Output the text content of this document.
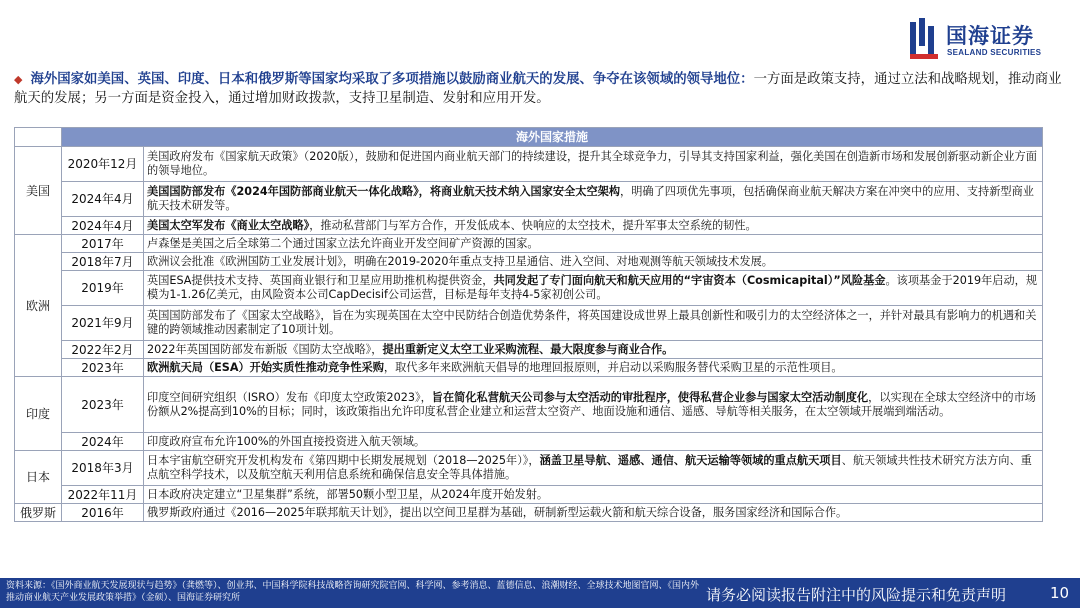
国海证券
SEALAND SECURITIES
◆ 海外国家如美国、英国、印度、日本和俄罗斯等国家均采取了多项措施以鼓励商业航天的发展、争夺在该领域的领导地位：一方面是政策支持，通过立法和战略规划，推动商业航天的发展；另一方面是资金投入，通过增加财政拨款，支持卫星制造、发射和应用开发。
	海外国家措施	
美国	2020年12月	美国政府发布《国家航天政策》（2020版），鼓励和促进国内商业航天部门的持续建设，提升其全球竞争力，引导其支持国家利益，强化美国在创造新市场和发展创新驱动新企业方面的领导地位。
	2024年4月	美国国防部发布《2024年国防部商业航天一体化战略》，将商业航天技术纳入国家安全太空架构，明确了四项优先事项，包括确保商业航天解决方案在冲突中的应用、支持新型商业航天技术研发等。
	2024年4月	美国太空军发布《商业太空战略》，推动私营部门与军方合作，开发低成本、快响应的太空技术，提升军事太空系统的韧性。
欧洲	2017年	卢森堡是美国之后全球第二个通过国家立法允许商业开发空间矿产资源的国家。
	2018年7月	欧洲议会批准《欧洲国防工业发展计划》，明确在2019-2020年重点支持卫星通信、进入空间、对地观测等航天领域技术发展。
	2019年	英国ESA提供技术支持、英国商业银行和卫星应用助推机构提供资金，共同发起了专门面向航天和航天应用的“宇宙资本（Cosmicapital）”风险基金。该项基金于2019年启动，规模为1-1.26亿美元，由风险资本公司CapDecisif公司运营，目标是每年支持4-5家初创公司。
	2021年9月	英国国防部发布了《国家太空战略》，旨在为实现英国在太空中民防结合创造优势条件，将英国建设成世界上最具创新性和吸引力的太空经济体之一，并针对最具有影响力的机遇和关键的跨领域推动因素制定了10项计划。
	2022年2月	2022年英国国防部发布新版《国防太空战略》，提出重新定义太空工业采购流程、最大限度参与商业合作。
	2023年	欧洲航天局（ESA）开始实质性推动竞争性采购，取代多年来欧洲航天倡导的地理回报原则，并启动以采购服务替代采购卫星的示范性项目。
印度	2023年	印度空间研究组织（ISRO）发布《印度太空政策2023》，旨在简化私营航天公司参与太空活动的审批程序，使得私营企业参与国家太空活动制度化，以实现在全球太空经济中的市场份额从2%提高到10%的目标；同时，该政策指出允许印度私营企业建立和运营太空资产、地面设施和通信、遥感、导航等相关服务，在太空领域开展端到端活动。
	2024年	印度政府宣布允许100%的外国直接投资进入航天领域。
日本	2018年3月	日本宇宙航空研究开发机构发布《第四期中长期发展规划（2018—2025年）》，涵盖卫星导航、遥感、通信、航天运输等领域的重点航天项目、航天领域共性技术研究方法方向、重点航空科学技术，以及航空航天利用信息系统和确保信息安全等具体措施。
	2022年11月	日本政府决定建立“卫星集群”系统，部署50颗小型卫星，从2024年度开始发射。
俄罗斯	2016年	俄罗斯政府通过《2016—2025年联邦航天计划》，提出以空间卫星群为基础，研制新型运载火箭和航天综合设备，服务国家经济和国际合作。
资料来源：《国外商业航天发展现状与趋势》（龚燃等）、创业邦、中国科学院科技战略咨询研究院官网、科学网、参考消息、蓝德信息、浪潮财经、全球技术地图官网、《国内外推动商业航天产业发展政策举措》（金硕）、国海证券研究所	请务必阅读报告附注中的风险提示和免责声明	10
